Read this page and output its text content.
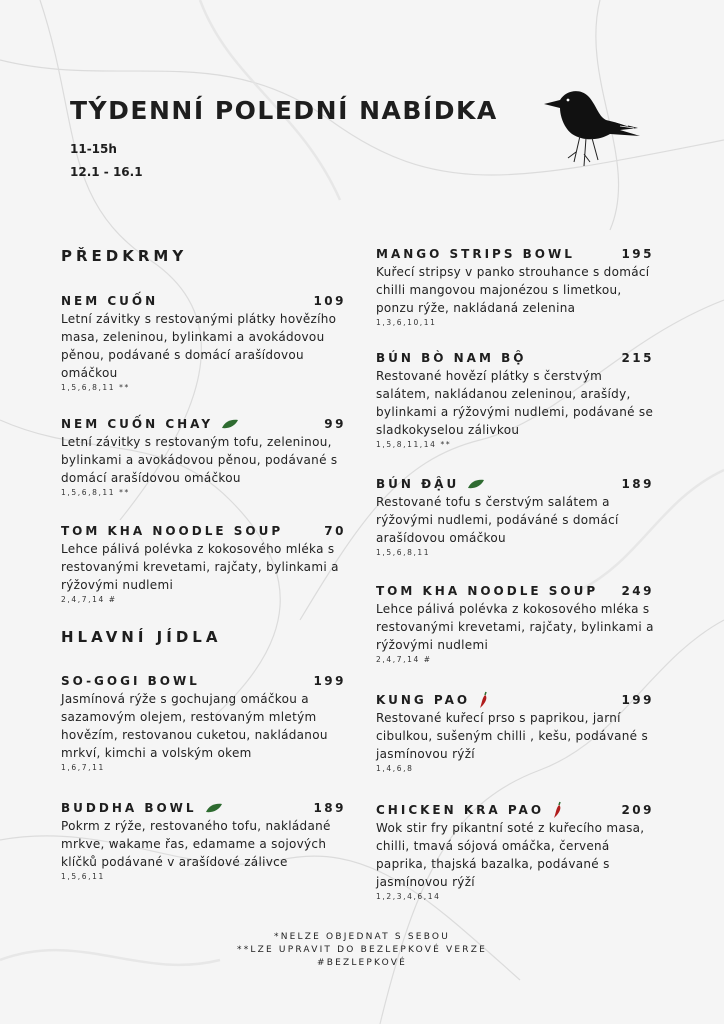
TÝDENNÍ POLEDNÍ NABÍDKA
11-15h
12.1 - 16.1
PŘEDKRMY
NEM CUỐN	109
Letní závitky s restovanými plátky hovězího masa, zeleninou, bylinkami a avokádovou pěnou, podávané s domácí arašídovou omáčkou
1,5,6,8,11 **
NEM CUỐN CHAY	99
Letní závitky s restovaným tofu, zeleninou, bylinkami a avokádovou pěnou, podávané s domácí arašídovou omáčkou
1,5,6,8,11 **
TOM KHA NOODLE SOUP	70
Lehce pálivá polévka z kokosového mléka s restovanými krevetami, rajčaty, bylinkami a rýžovými nudlemi
2,4,7,14 #
HLAVNÍ JÍDLA
SO-GOGI BOWL	199
Jasmínová rýže s gochujang omáčkou a sazamovým olejem, restovaným mletým hovězím, restovanou cuketou, nakládanou mrkví, kimchi a volským okem
1,6,7,11
BUDDHA BOWL	189
Pokrm z rýže, restovaného tofu, nakládané mrkve, wakame řas, edamame a sojových klíčků podávané v arašídové zálivce
1,5,6,11
MANGO STRIPS BOWL	195
Kuřecí stripsy v panko strouhance s domácí chilli mangovou majonézou s limetkou, ponzu rýže, nakládaná zelenina
1,3,6,10,11
BÚN BÒ NAM BỘ	215
Restované hovězí plátky s čerstvým salátem, nakládanou zeleninou, arašídy, bylinkami a rýžovými nudlemi, podávané se sladkokyselou zálivkou
1,5,8,11,14 **
BÚN ĐẬU	189
Restované tofu s čerstvým salátem a rýžovými nudlemi, podáváné s domácí arašídovou omáčkou
1,5,6,8,11
TOM KHA NOODLE SOUP 249
Lehce pálivá polévka z kokosového mléka s restovanými krevetami, rajčaty, bylinkami a rýžovými nudlemi
2,4,7,14 #
KUNG PAO	199
Restované kuřecí prso s paprikou, jarní cibulkou, sušeným chilli , kešu, podávané s jasmínovou rýží
1,4,6,8
CHICKEN KRA PAO	209
Wok stir fry pikantní soté z kuřecího masa, chilli, tmavá sójová omáčka, červená paprika, thajská bazalka, podávané s jasmínovou rýží
1,2,3,4,6,14
*NELZE OBJEDNAT S SEBOU
**LZE UPRAVIT DO BEZLEPKOVÉ VERZE
#BEZLEPKOVÉ
